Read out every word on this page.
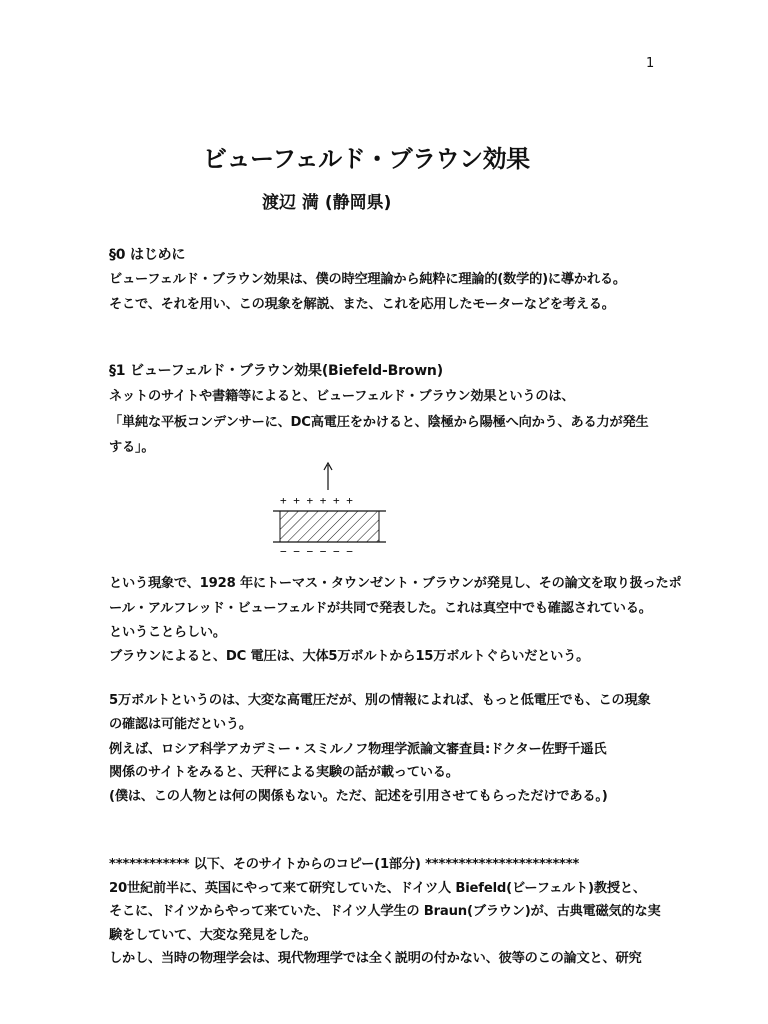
1
ビューフェルド・ブラウン効果
渡辺 満 (静岡県)
§0 はじめに
ビューフェルド・ブラウン効果は、僕の時空理論から純粋に理論的(数学的)に導かれる。
そこで、それを用い、この現象を解説、また、これを応用したモーターなどを考える。
§1 ビューフェルド・ブラウン効果(Biefeld-Brown)
ネットのサイトや書籍等によると、ビューフェルド・ブラウン効果というのは、
「単純な平板コンデンサーに、DC高電圧をかけると、陰極から陽極へ向かう、ある力が発生
する」。
+ + + + + +
− − − − − −
という現象で、1928 年にトーマス・タウンゼント・ブラウンが発見し、その論文を取り扱ったポ
ール・アルフレッド・ビューフェルドが共同で発表した。これは真空中でも確認されている。
ということらしい。
ブラウンによると、DC 電圧は、大体5万ボルトから15万ボルトぐらいだという。
5万ボルトというのは、大変な高電圧だが、別の情報によれば、もっと低電圧でも、この現象
の確認は可能だという。
例えば、ロシア科学アカデミー・スミルノフ物理学派論文審査員:ドクター佐野千遥氏
関係のサイトをみると、天秤による実験の話が載っている。
(僕は、この人物とは何の関係もない。ただ、記述を引用させてもらっただけである。)
************ 以下、そのサイトからのコピー(1部分) ***********************
20世紀前半に、英国にやって来て研究していた、ドイツ人 Biefeld(ビーフェルト)教授と、
そこに、ドイツからやって来ていた、ドイツ人学生の Braun(ブラウン)が、古典電磁気的な実
験をしていて、大変な発見をした。
しかし、当時の物理学会は、現代物理学では全く説明の付かない、彼等のこの論文と、研究
